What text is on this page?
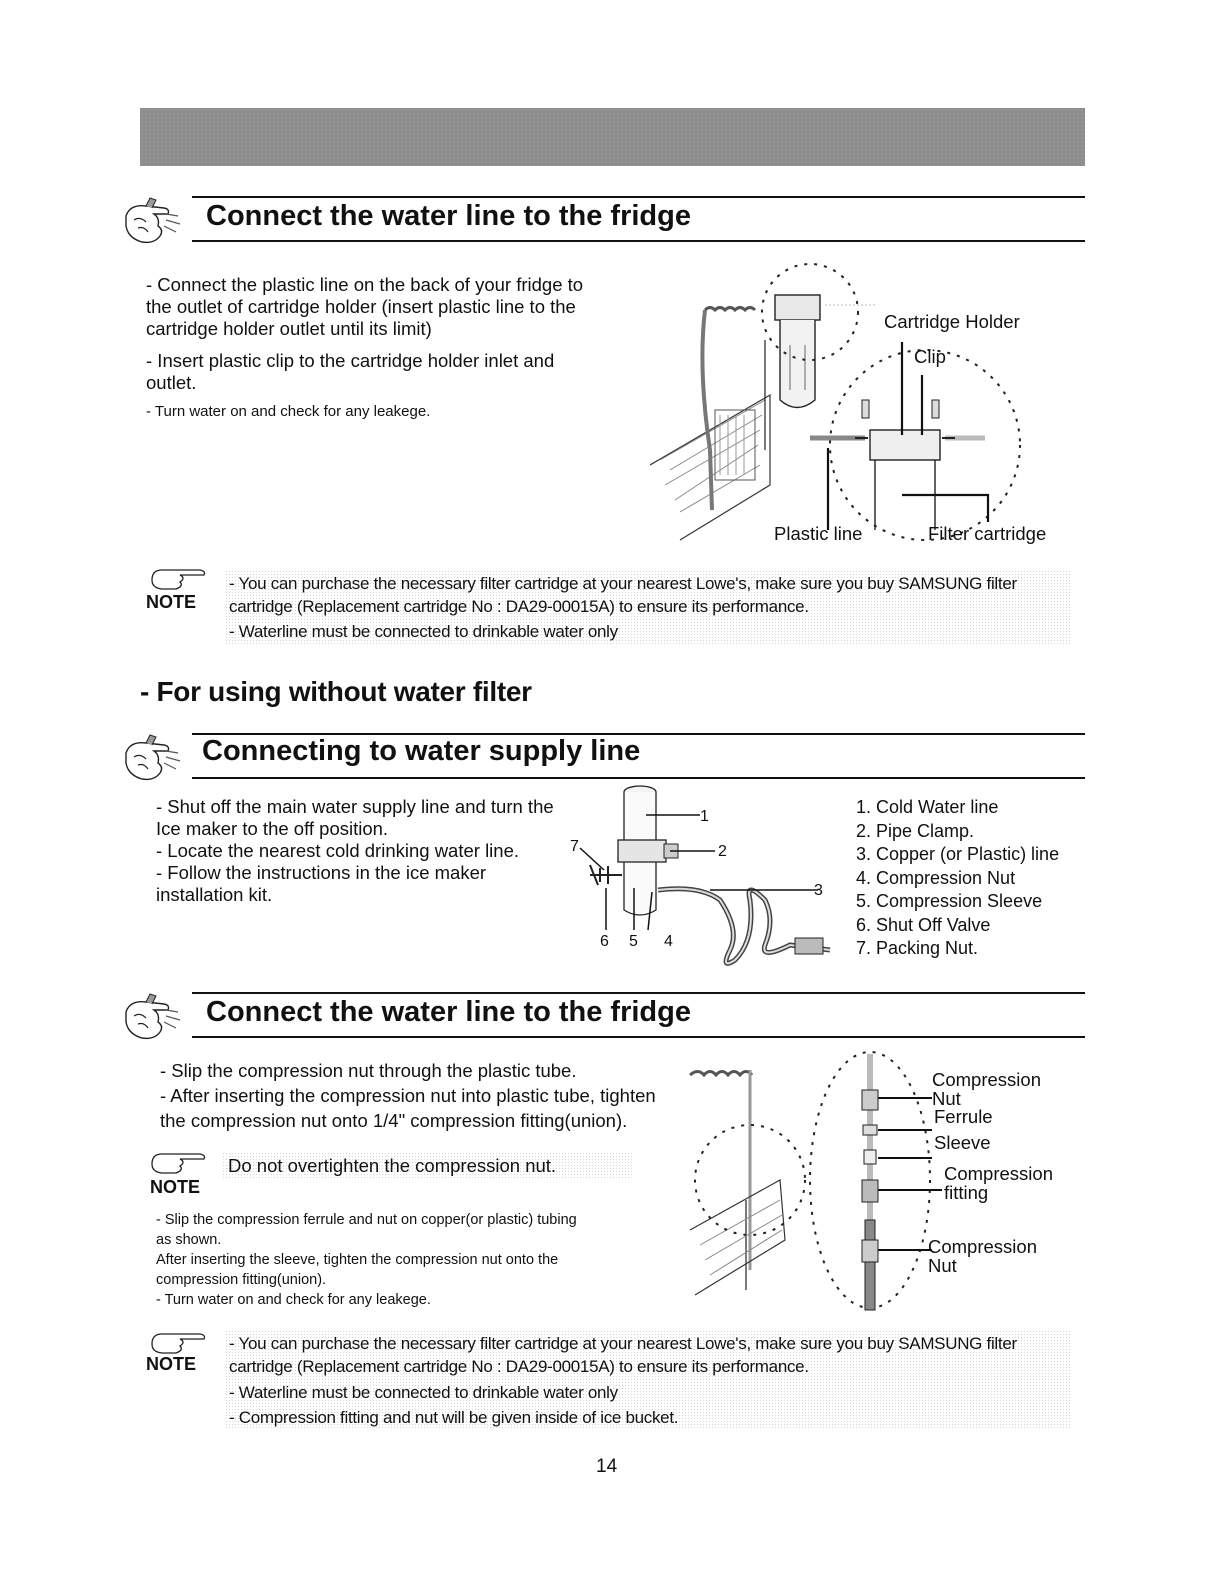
Connect the water line to the fridge
- Connect the plastic line on the back of your fridge to
the outlet of cartridge holder (insert plastic line to the
cartridge holder outlet until its limit)
- Insert plastic clip to the cartridge holder inlet and
outlet.
- Turn water on and check for any leakege.
Cartridge Holder
Clip
Plastic line	Filter cartridge
NOTE
- You can purchase the necessary filter cartridge at your nearest Lowe's, make sure you buy SAMSUNG filter
cartridge (Replacement cartridge No : DA29-00015A) to ensure its performance.
- Waterline must be connected to drinkable water only
- For using without water filter
Connecting to water supply line
- Shut off the main water supply line and turn the
Ice maker to the off position.
- Locate the nearest cold drinking water line.
- Follow the instructions in the ice maker
installation kit.
1
2
3
4
5
6
7
1. Cold Water line
2. Pipe Clamp.
3. Copper (or Plastic) line
4. Compression Nut
5. Compression Sleeve
6. Shut Off Valve
7. Packing Nut.
Connect the water line to the fridge
- Slip the compression nut through the plastic tube.
- After inserting the compression nut into plastic tube, tighten
the compression nut onto 1/4" compression fitting(union).
NOTE
Do not overtighten the compression nut.
- Slip the compression ferrule and nut on copper(or plastic) tubing
as shown.
After inserting the sleeve, tighten the compression nut onto the
compression fitting(union).
- Turn water on and check for any leakege.
Compression
Nut
Ferrule
Sleeve
Compression
fitting
Compression
Nut
NOTE
- You can purchase the necessary filter cartridge at your nearest Lowe's, make sure you buy SAMSUNG filter
cartridge (Replacement cartridge No : DA29-00015A) to ensure its performance.
- Waterline must be connected to drinkable water only
- Compression fitting and nut will be given inside of ice bucket.
14
